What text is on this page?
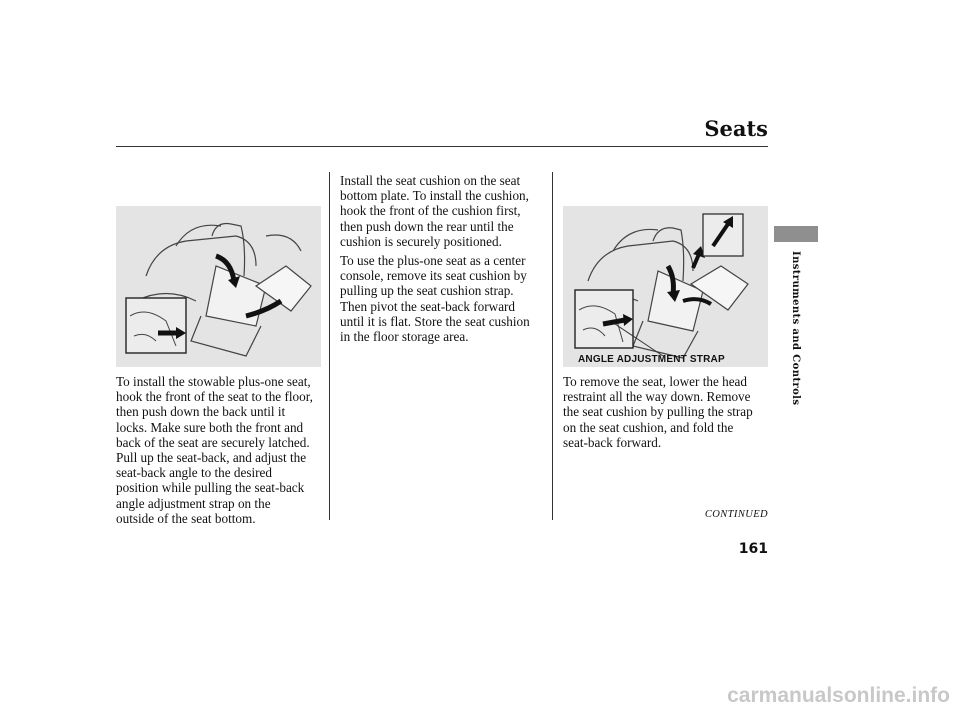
Seats
To install the stowable plus-one seat,
hook the front of the seat to the floor,
then push down the back until it
locks. Make sure both the front and
back of the seat are securely latched.
Pull up the seat-back, and adjust the
seat-back angle to the desired
position while pulling the seat-back
angle adjustment strap on the
outside of the seat bottom.
Install the seat cushion on the seat
bottom plate. To install the cushion,
hook the front of the cushion first,
then push down the rear until the
cushion is securely positioned.
To use the plus-one seat as a center
console, remove its seat cushion by
pulling up the seat cushion strap.
Then pivot the seat-back forward
until it is flat. Store the seat cushion
in the floor storage area.
ANGLE ADJUSTMENT STRAP
To remove the seat, lower the head
restraint all the way down. Remove
the seat cushion by pulling the strap
on the seat cushion, and fold the
seat-back forward.
Instruments and Controls
CONTINUED
161
carmanualsonline.info
